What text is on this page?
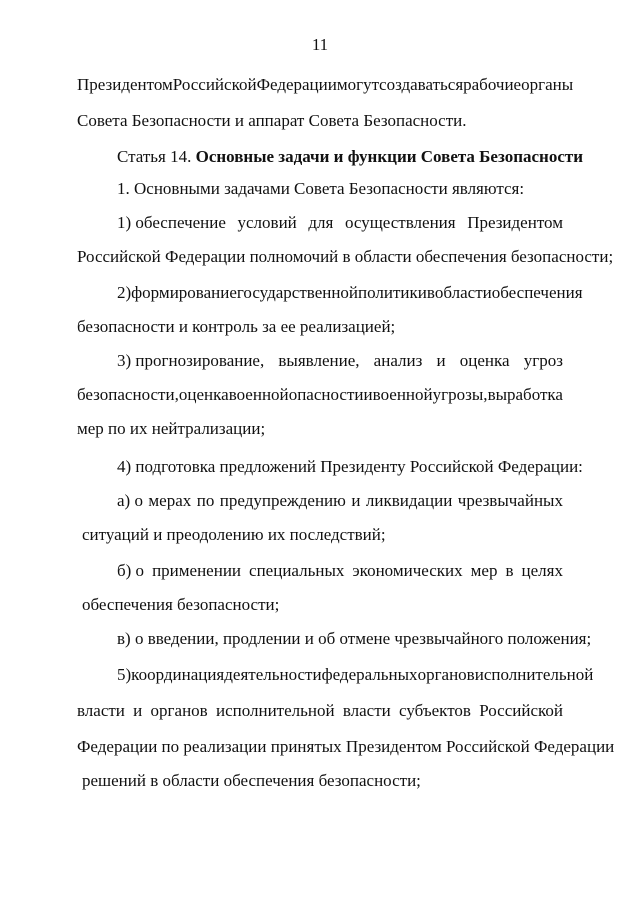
11
Президентом Российской Федерации могут создаваться рабочие органы
Совета Безопасности и аппарат Совета Безопасности.
Статья 14. Основные задачи и функции Совета Безопасности
1. Основными задачами Совета Безопасности являются:
1) обеспечение условий для осуществления Президентом
Российской Федерации полномочий в области обеспечения безопасности;
2) формирование государственной политики в области обеспечения
безопасности и контроль за ее реализацией;
3) прогнозирование, выявление, анализ и оценка угроз
безопасности, оценка военной опасности и военной угрозы, выработка
мер по их нейтрализации;
4) подготовка предложений Президенту Российской Федерации:
а) о мерах по предупреждению и ликвидации чрезвычайных
ситуаций и преодолению их последствий;
б) о применении специальных экономических мер в целях
обеспечения безопасности;
в) о введении, продлении и об отмене чрезвычайного положения;
5) координация деятельности федеральных органов исполнительной
власти и органов исполнительной власти субъектов Российской
Федерации по реализации принятых Президентом Российской Федерации
решений в области обеспечения безопасности;
